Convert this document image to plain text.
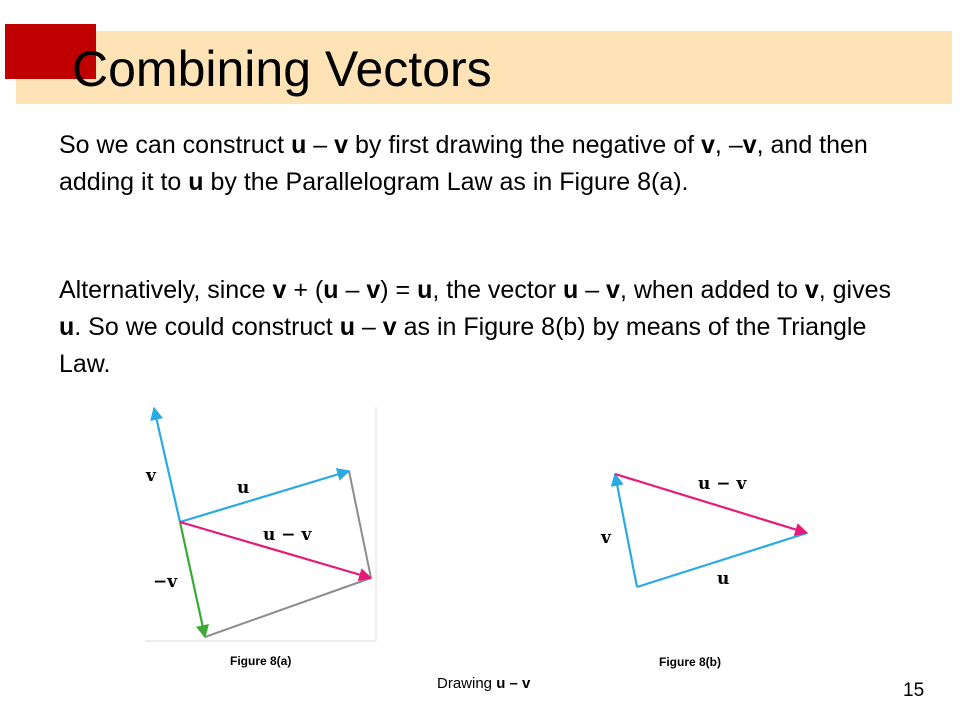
Combining Vectors

So we can construct u – v by first drawing the negative of v, –v, and then adding it to u by the Parallelogram Law as in Figure 8(a).

Alternatively, since v + (u – v) = u, the vector u – v, when added to v, gives u. So we could construct u – v as in Figure 8(b) by means of the Triangle Law.

v
u
u − v
−v
u − v
v
u
Figure 8(a)	Figure 8(b)
Drawing u – v	15
